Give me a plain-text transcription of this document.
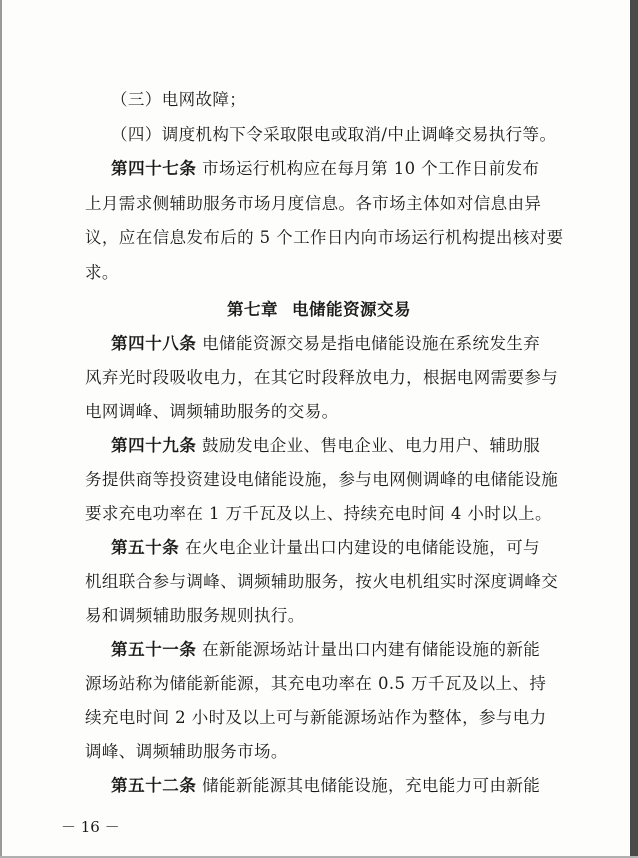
（三）电网故障；
（四）调度机构下令采取限电或取消/中止调峰交易执行等。
第四十七条 市场运行机构应在每月第 10 个工作日前发布
上月需求侧辅助服务市场月度信息。各市场主体如对信息由异
议，应在信息发布后的 5 个工作日内向市场运行机构提出核对要
求。
第七章 电储能资源交易
第四十八条 电储能资源交易是指电储能设施在系统发生弃
风弃光时段吸收电力，在其它时段释放电力，根据电网需要参与
电网调峰、调频辅助服务的交易。
第四十九条 鼓励发电企业、售电企业、电力用户、辅助服
务提供商等投资建设电储能设施，参与电网侧调峰的电储能设施
要求充电功率在 1 万千瓦及以上、持续充电时间 4 小时以上。
第五十条 在火电企业计量出口内建设的电储能设施，可与
机组联合参与调峰、调频辅助服务，按火电机组实时深度调峰交
易和调频辅助服务规则执行。
第五十一条 在新能源场站计量出口内建有储能设施的新能
源场站称为储能新能源，其充电功率在 0.5 万千瓦及以上、持
续充电时间 2 小时及以上可与新能源场站作为整体，参与电力
调峰、调频辅助服务市场。
第五十二条 储能新能源其电储能设施，充电能力可由新能
－ 16 －
